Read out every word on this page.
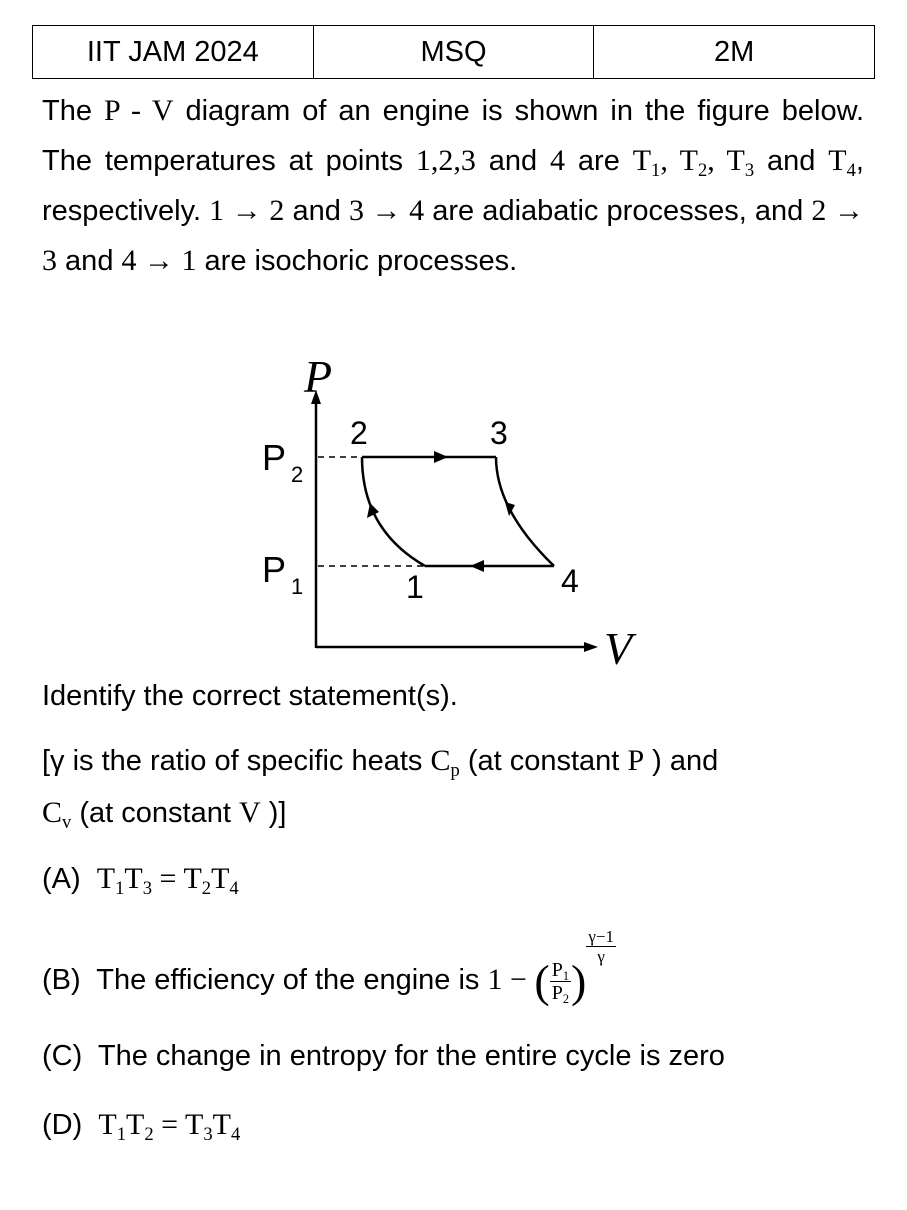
IIT JAM 2024	MSQ	2M
The P - V diagram of an engine is shown in the figure below. The temperatures at points 1,2,3 and 4 are $T_1$, $T_2$, $T_3$ and $T_4$, respectively. 1 → 2 and 3 → 4 are adiabatic processes, and 2 → 3 and 4 → 1 are isochoric processes.
P
V
P 2
P 1
2	3
1	4
Identify the correct statement(s).
[γ is the ratio of specific heats $C_p$ (at constant P ) and
$C_v$ (at constant V )]
(A) $T_1T_3 = T_2T_4$
(B) The efficiency of the engine is 1 − ( $\frac{P_1}{P_2}$ )
$\frac{\gamma-1}{\gamma}$
(C) The change in entropy for the entire cycle is zero
(D) $T_1T_2 = T_3T_4$
